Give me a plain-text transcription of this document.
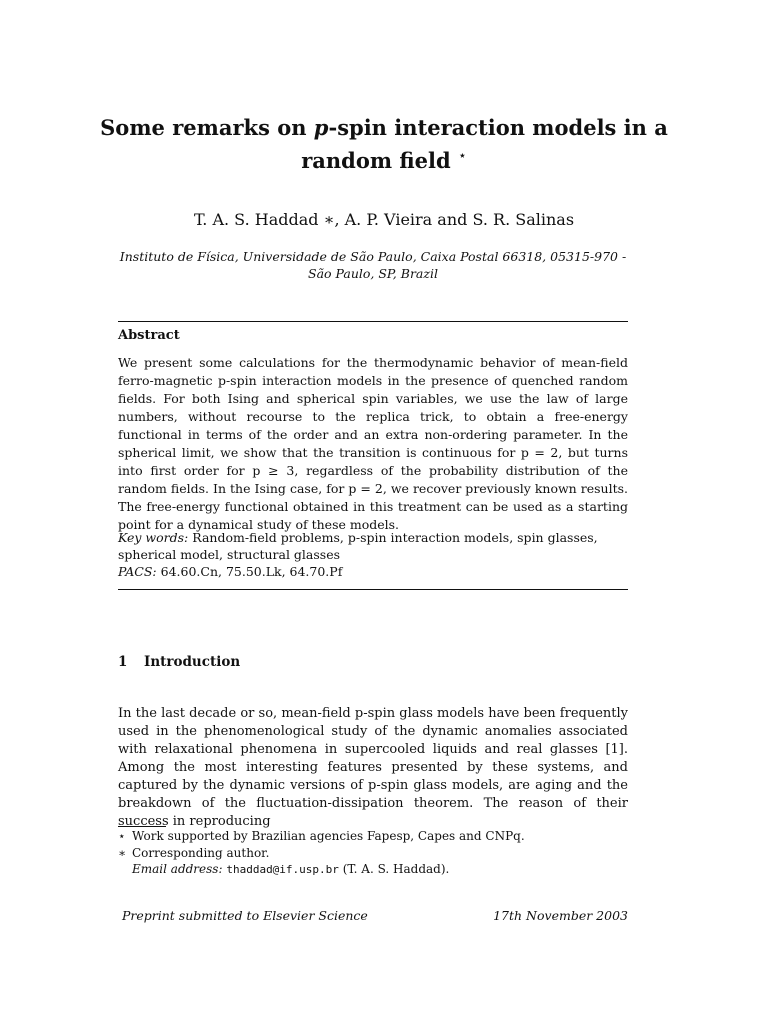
Some remarks on p-spin interaction models in a
random field ⋆
T. A. S. Haddad ∗, A. P. Vieira and S. R. Salinas
Instituto de Física, Universidade de São Paulo, Caixa Postal 66318, 05315-970 -
São Paulo, SP, Brazil
Abstract
We present some calculations for the thermodynamic behavior of mean-field ferro-magnetic p-spin interaction models in the presence of quenched random fields. For both Ising and spherical spin variables, we use the law of large numbers, without recourse to the replica trick, to obtain a free-energy functional in terms of the order and an extra non-ordering parameter. In the spherical limit, we show that the transition is continuous for p = 2, but turns into first order for p ≥ 3, regardless of the probability distribution of the random fields. In the Ising case, for p = 2, we recover previously known results. The free-energy functional obtained in this treatment can be used as a starting point for a dynamical study of these models.
Key words: Random-field problems, p-spin interaction models, spin glasses, spherical model, structural glasses
PACS: 64.60.Cn, 75.50.Lk, 64.70.Pf
1 Introduction
In the last decade or so, mean-field p-spin glass models have been frequently used in the phenomenological study of the dynamic anomalies associated with relaxational phenomena in supercooled liquids and real glasses [1]. Among the most interesting features presented by these systems, and captured by the dynamic versions of p-spin glass models, are aging and the breakdown of the fluctuation-dissipation theorem. The reason of their success in reproducing
⋆ Work supported by Brazilian agencies Fapesp, Capes and CNPq.
∗ Corresponding author.
Email address: thaddad@if.usp.br (T. A. S. Haddad).
Preprint submitted to Elsevier Science	17th November 2003
